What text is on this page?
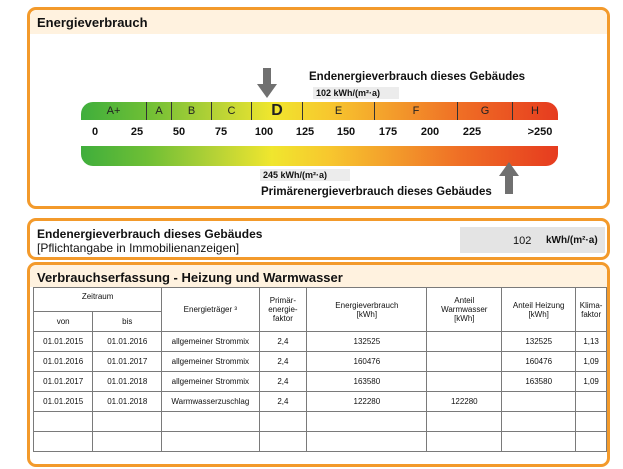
Energieverbrauch
Endenergieverbrauch dieses Gebäudes
102 kWh/(m²·a)
0	25	50	75	100 125 150 175 200 225	>250
A+	A	B	C	D	E	F	G	H
245 kWh/(m²·a)
Primärenergieverbrauch dieses Gebäudes
Endenergieverbrauch dieses Gebäudes
[Pflichtangabe in Immobilienanzeigen]	102 kWh/(m²·a)
Verbrauchserfassung - Heizung und Warmwasser
Zeitraum		Energieträger ³	Primär-energie-faktor	Energieverbrauch [kWh]	Anteil Warmwasser [kWh]	Anteil Heizung [kWh]	Klima-faktor
von	bis						
01.01.2015	01.01.2016	allgemeiner Strommix	2,4	132525		132525	1,13
01.01.2016	01.01.2017	allgemeiner Strommix	2,4	160476		160476	1,09
01.01.2017	01.01.2018	allgemeiner Strommix	2,4	163580		163580	1,09
01.01.2015	01.01.2018	Warmwasserzuschlag	2,4	122280	122280		
